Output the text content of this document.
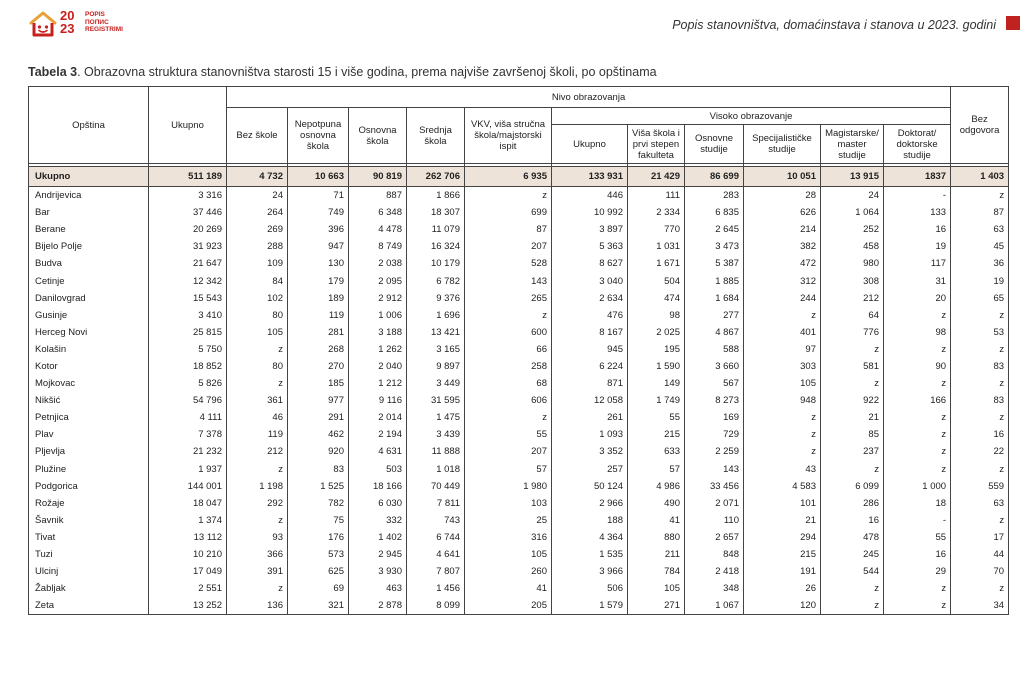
20
23
POPIS
ПОПИС
REGISTRIMI	Popis stanovništva, domaćinstava i stanova u 2023. godini
Tabela 3. Obrazovna struktura stanovništva starosti 15 i više godina, prema najviše završenoj školi, po opštinama
Opština	Ukupno	Nivo obrazovanja											Bez odgovora
		Bez škole	Nepotpuna osnovna škola	Osnovna škola	Srednja škola	VKV, viša stručna škola/majstorski ispit	Visoko obrazovanje						
							Ukupno	Viša škola i prvi stepen fakulteta	Osnovne studije	Specijalističke studije	Magistarske/ master studije	Doktorat/ doktorske studije	

Ukupno	511 189	4 732	10 663	90 819	262 706	6 935	133 931	21 429	86 699	10 051	13 915	1837	1 403
Andrijevica	3 316	24	71	887	1 866	z	446	111	283	28	24	-	z
Bar	37 446	264	749	6 348	18 307	699	10 992	2 334	6 835	626	1 064	133	87
Berane	20 269	269	396	4 478	11 079	87	3 897	770	2 645	214	252	16	63
Bijelo Polje	31 923	288	947	8 749	16 324	207	5 363	1 031	3 473	382	458	19	45
Budva	21 647	109	130	2 038	10 179	528	8 627	1 671	5 387	472	980	117	36
Cetinje	12 342	84	179	2 095	6 782	143	3 040	504	1 885	312	308	31	19
Danilovgrad	15 543	102	189	2 912	9 376	265	2 634	474	1 684	244	212	20	65
Gusinje	3 410	80	119	1 006	1 696	z	476	98	277	z	64	z	z
Herceg Novi	25 815	105	281	3 188	13 421	600	8 167	2 025	4 867	401	776	98	53
Kolašin	5 750	z	268	1 262	3 165	66	945	195	588	97	z	z	z
Kotor	18 852	80	270	2 040	9 897	258	6 224	1 590	3 660	303	581	90	83
Mojkovac	5 826	z	185	1 212	3 449	68	871	149	567	105	z	z	z
Nikšić	54 796	361	977	9 116	31 595	606	12 058	1 749	8 273	948	922	166	83
Petnjica	4 111	46	291	2 014	1 475	z	261	55	169	z	21	z	z
Plav	7 378	119	462	2 194	3 439	55	1 093	215	729	z	85	z	16
Pljevlja	21 232	212	920	4 631	11 888	207	3 352	633	2 259	z	237	z	22
Plužine	1 937	z	83	503	1 018	57	257	57	143	43	z	z	z
Podgorica	144 001	1 198	1 525	18 166	70 449	1 980	50 124	4 986	33 456	4 583	6 099	1 000	559
Rožaje	18 047	292	782	6 030	7 811	103	2 966	490	2 071	101	286	18	63
Šavnik	1 374	z	75	332	743	25	188	41	110	21	16	-	z
Tivat	13 112	93	176	1 402	6 744	316	4 364	880	2 657	294	478	55	17
Tuzi	10 210	366	573	2 945	4 641	105	1 535	211	848	215	245	16	44
Ulcinj	17 049	391	625	3 930	7 807	260	3 966	784	2 418	191	544	29	70
Žabljak	2 551	z	69	463	1 456	41	506	105	348	26	z	z	z
Zeta	13 252	136	321	2 878	8 099	205	1 579	271	1 067	120	z	z	34
